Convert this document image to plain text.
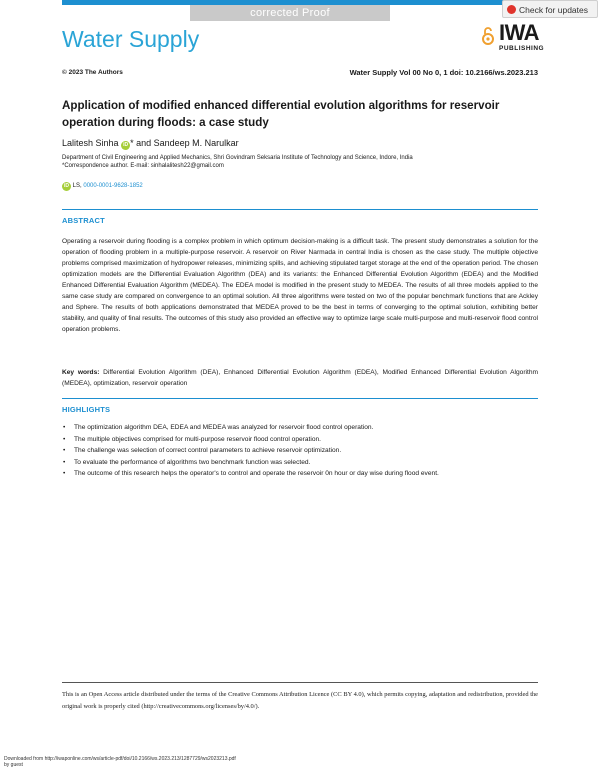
corrected Proof	Check for updates
Water Supply	IWA
PUBLISHING
© 2023 The Authors	Water Supply Vol 00 No 0, 1 doi: 10.2166/ws.2023.213
Application of modified enhanced differential evolution algorithms for reservoir operation during floods: a case study
Lalitesh Sinha iD * and Sandeep M. Narulkar
Department of Civil Engineering and Applied Mechanics, Shri Govindram Seksaria Institute of Technology and Science, Indore, India
*Correspondence author. E-mail: sinhalalitesh22@gmail.com
iD LS, 0000-0001-9628-1852
ABSTRACT

Operating a reservoir during flooding is a complex problem in which optimum decision-making is a difficult task. The present study demonstrates a solution for the operation of flooding problem in a multiple-purpose reservoir. A reservoir on River Narmada in central India is chosen as the case study. The multiple objective problems comprised maximization of hydropower releases, minimizing spills, and achieving stipulated target storage at the end of the operation period. The chosen optimization models are the Differential Evaluation Algorithm (DEA) and its variants: the Enhanced Differential Evolution Algorithm (EDEA) and the Modified Enhanced Differential Evaluation Algorithm (MEDEA). The EDEA model is modified in the present study to MEDEA. The results of all three models applied to the same case study are compared on convergence to an optimal solution. All three algorithms were tested on two of the popular benchmark functions that are Ackley and Sphere. The results of both applications demonstrated that MEDEA proved to be the best in terms of converging to the optimal solution, exhibiting better stability, and quality of final results. The outcomes of this study also provided an effective way to optimize large scale multi-purpose and multi-reservoir flood control operation problems.

Key words: Differential Evolution Algorithm (DEA), Enhanced Differential Evolution Algorithm (EDEA), Modified Enhanced Differential Evolution Algorithm (MEDEA), optimization, reservoir operation

HIGHLIGHTS
• The optimization algorithm DEA, EDEA and MEDEA was analyzed for reservoir flood control operation.
• The multiple objectives comprised for multi-purpose reservoir flood control operation.
• The challenge was selection of correct control parameters to achieve reservoir optimization.
• To evaluate the performance of algorithms two benchmark function was selected.
• The outcome of this research helps the operator's to control and operate the reservoir 0n hour or day wise during flood event.

This is an Open Access article distributed under the terms of the Creative Commons Attribution Licence (CC BY 4.0), which permits copying, adaptation and redistribution, provided the original work is properly cited (http://creativecommons.org/licenses/by/4.0/).

Downloaded from http://iwaponline.com/ws/article-pdf/doi/10.2166/ws.2023.213/1287729/ws2023213.pdf
by guest
